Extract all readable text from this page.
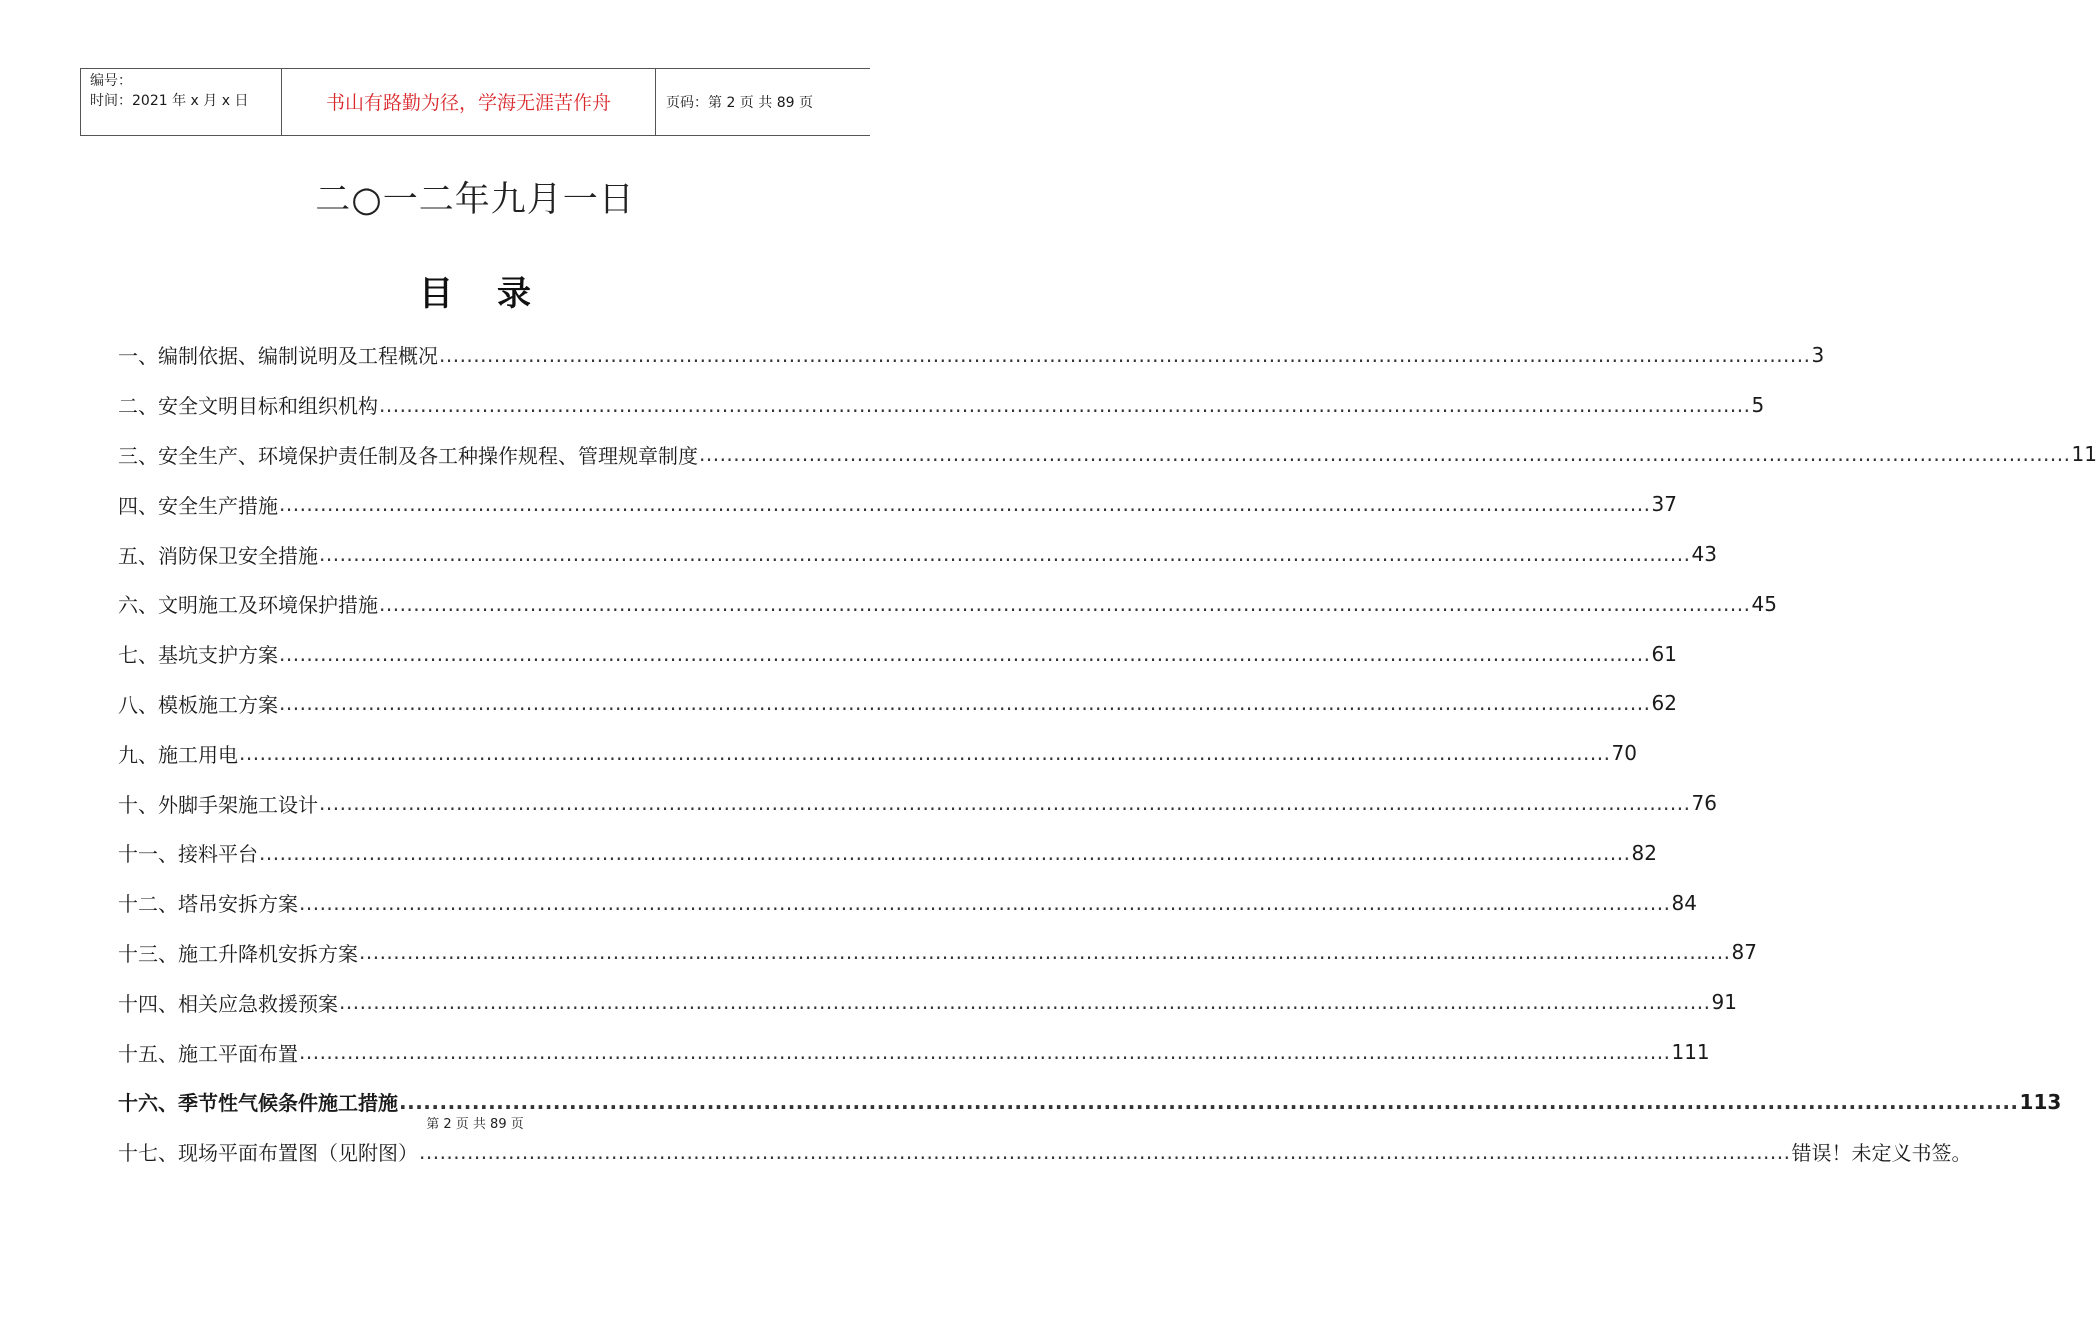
编号：
时间：2021 年 x 月 x 日	书山有路勤为径，学海无涯苦作舟	页码：第 2 页 共 89 页
二○一二年九月一日
目录
一、编制依据、编制说明及工程概况 ........................................................................................................................................................................................................ 3
二、安全文明目标和组织机构 ........................................................................................................................................................................................................ 5
三、安全生产、环境保护责任制及各工种操作规程、管理规章制度 ........................................................................................................................................................................................................ 11
四、安全生产措施 ........................................................................................................................................................................................................ 37
五、消防保卫安全措施 ........................................................................................................................................................................................................ 43
六、文明施工及环境保护措施 ........................................................................................................................................................................................................ 45
七、基坑支护方案 ........................................................................................................................................................................................................ 61
八、模板施工方案 ........................................................................................................................................................................................................ 62
九、施工用电 ........................................................................................................................................................................................................ 70
十、外脚手架施工设计 ........................................................................................................................................................................................................ 76
十一、接料平台 ........................................................................................................................................................................................................ 82
十二、塔吊安拆方案 ........................................................................................................................................................................................................ 84
十三、施工升降机安拆方案 ........................................................................................................................................................................................................ 87
十四、相关应急救援预案 ........................................................................................................................................................................................................ 91
十五、施工平面布置 ........................................................................................................................................................................................................ 111
十六、季节性气候条件施工措施 ........................................................................................................................................................................................................ 113
十七、现场平面布置图（见附图） ........................................................................................................................................................................................................ 错误！未定义书签。
第 2 页 共 89 页
